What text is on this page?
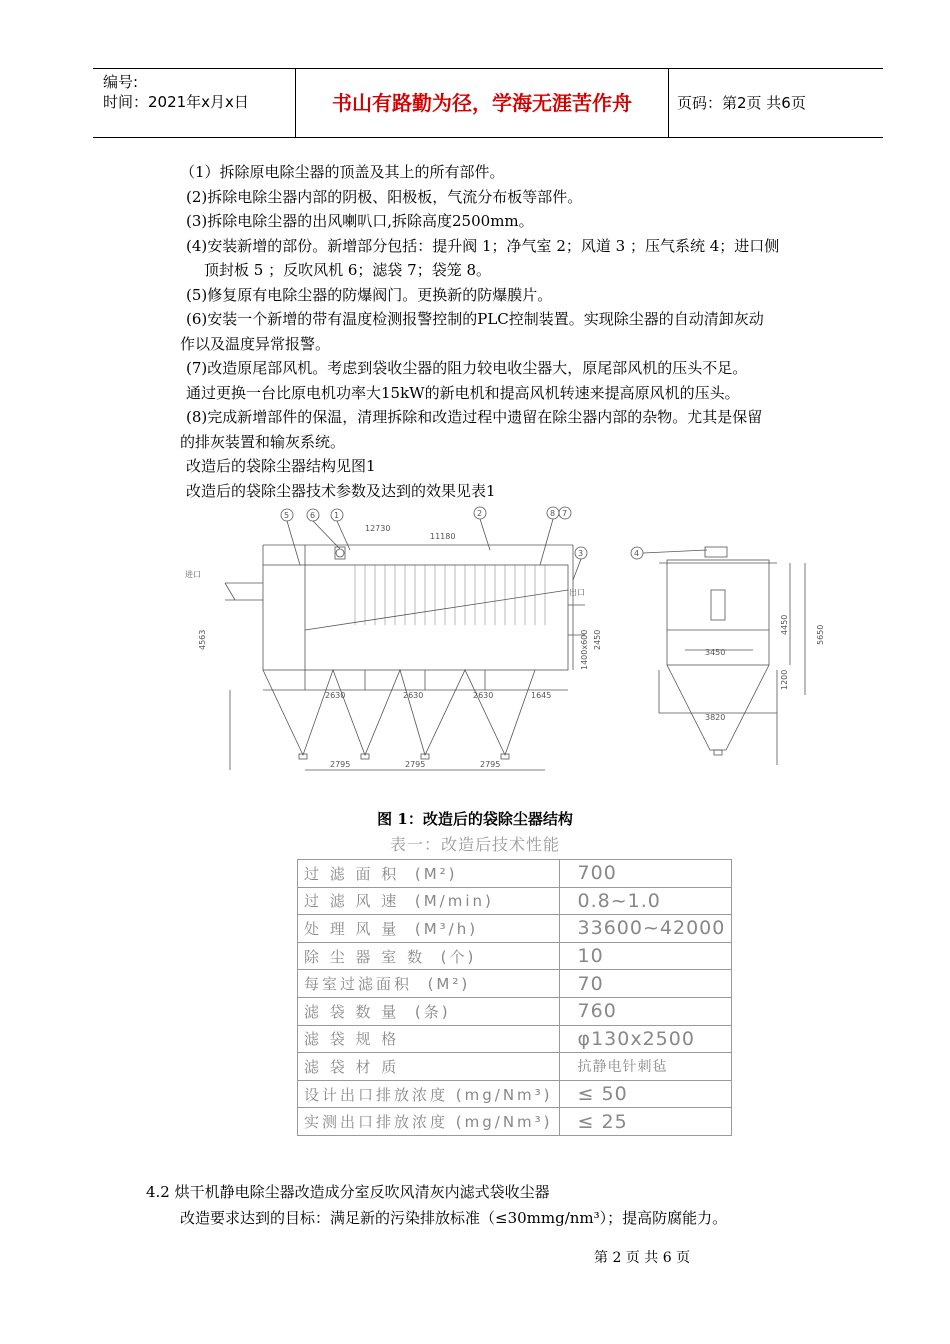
编号:
时间：2021年x月x日	书山有路勤为径，学海无涯苦作舟	页码：第2页 共6页

（1）拆除原电除尘器的顶盖及其上的所有部件。

(2)拆除电除尘器内部的阴极、阳极板，气流分布板等部件。

(3)拆除电除尘器的出风喇叭口,拆除高度2500mm。

(4)安装新增的部份。新增部分包括：提升阀 1；净气室 2；风道 3 ；压气系统 4；进口侧

顶封板 5 ；反吹风机 6；滤袋 7；袋笼 8。

(5)修复原有电除尘器的防爆阀门。更换新的防爆膜片。

(6)安装一个新增的带有温度检测报警控制的PLC控制装置。实现除尘器的自动清卸灰动

作以及温度异常报警。

(7)改造原尾部风机。考虑到袋收尘器的阻力较电收尘器大，原尾部风机的压头不足。

通过更换一台比原电机功率大15kW的新电机和提高风机转速来提高原风机的压头。

(8)完成新增部件的保温，清理拆除和改造过程中遗留在除尘器内部的杂物。尤其是保留

的排灰装置和输灰系统。

改造后的袋除尘器结构见图1

改造后的袋除尘器技术参数及达到的效果见表1

12730
11180
2630	2630	2630	1645
2795	2795	2795
4563	2450
1400x600
进口
出口
5	6 1	2	8 7
3	4
3450
3820
4450	5650
1200
图 1：改造后的袋除尘器结构
表一：改造后技术性能
过 滤 面 积 (M²)	700
过 滤 风 速 (M/min)	0.8~1.0
处 理 风 量 (M³/h)	33600~42000
除 尘 器 室 数 (个)	10
每室过滤面积 (M²)	70
滤 袋 数 量 (条)	760
滤 袋 规 格	φ130x2500
滤 袋 材 质	抗静电针刺毡
设计出口排放浓度 (mg/Nm³)	≤ 50
实测出口排放浓度 (mg/Nm³)	≤ 25
4.2 烘干机静电除尘器改造成分室反吹风清灰内滤式袋收尘器
改造要求达到的目标：满足新的污染排放标准（≤30mmg/nm³）；提高防腐能力。
第 2 页 共 6 页
